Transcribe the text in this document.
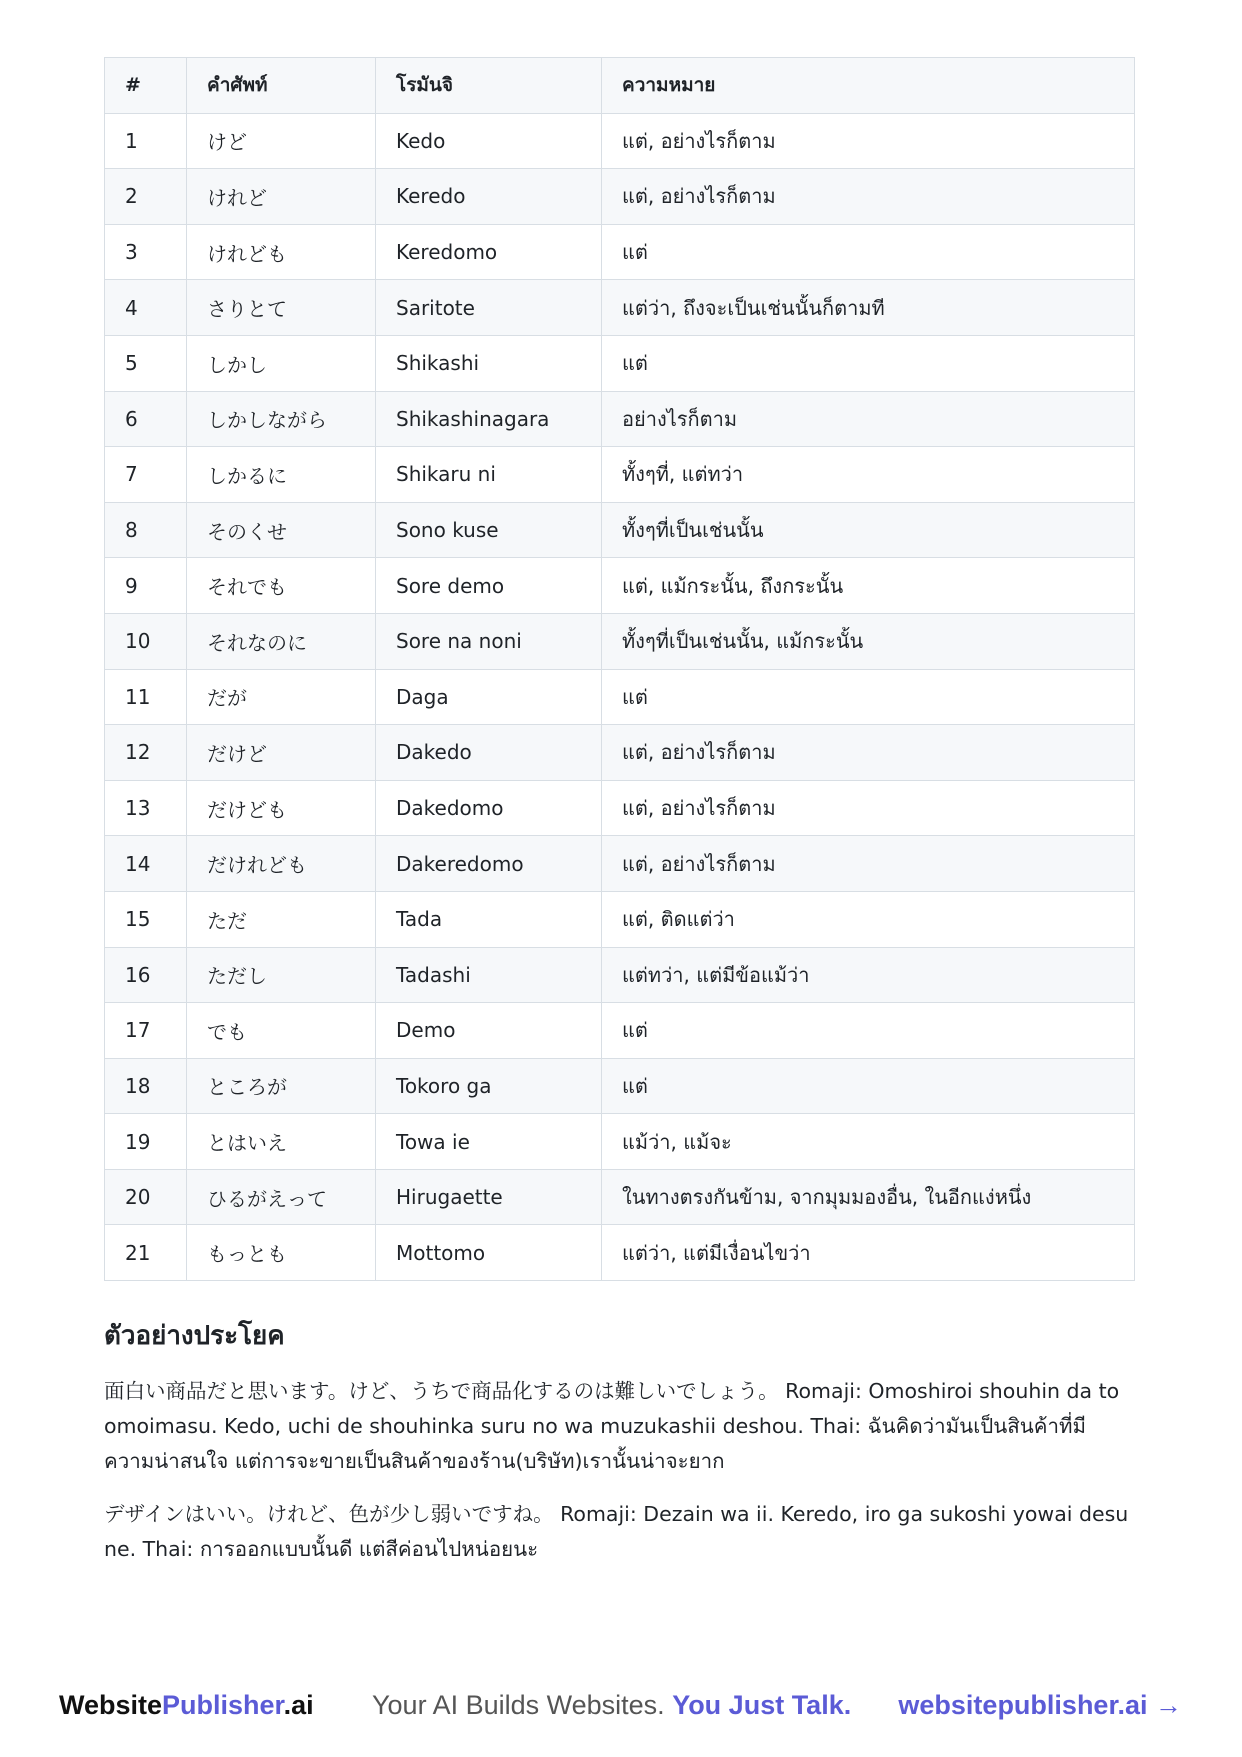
#	คำศัพท์	โรมันจิ	ความหมาย
1	けど	Kedo	แต่, อย่างไรก็ตาม
2	けれど	Keredo	แต่, อย่างไรก็ตาม
3	けれども	Keredomo	แต่
4	さりとて	Saritote	แต่ว่า, ถึงจะเป็นเช่นนั้นก็ตามที
5	しかし	Shikashi	แต่
6	しかしながら	Shikashinagara	อย่างไรก็ตาม
7	しかるに	Shikaru ni	ทั้งๆที่, แต่ทว่า
8	そのくせ	Sono kuse	ทั้งๆที่เป็นเช่นนั้น
9	それでも	Sore demo	แต่, แม้กระนั้น, ถึงกระนั้น
10	それなのに	Sore na noni	ทั้งๆที่เป็นเช่นนั้น, แม้กระนั้น
11	だが	Daga	แต่
12	だけど	Dakedo	แต่, อย่างไรก็ตาม
13	だけども	Dakedomo	แต่, อย่างไรก็ตาม
14	だけれども	Dakeredomo	แต่, อย่างไรก็ตาม
15	ただ	Tada	แต่, ติดแต่ว่า
16	ただし	Tadashi	แต่ทว่า, แต่มีข้อแม้ว่า
17	でも	Demo	แต่
18	ところが	Tokoro ga	แต่
19	とはいえ	Towa ie	แม้ว่า, แม้จะ
20	ひるがえって	Hirugaette	ในทางตรงกันข้าม, จากมุมมองอื่น, ในอีกแง่หนึ่ง
21	もっとも	Mottomo	แต่ว่า, แต่มีเงื่อนไขว่า
ตัวอย่างประโยค

面白い商品だと思います。けど、うちで商品化するのは難しいでしょう。 Romaji: Omoshiroi shouhin da to omoimasu. Kedo, uchi de shouhinka suru no wa muzukashii deshou. Thai: ฉันคิดว่ามันเป็นสินค้าที่มีความน่าสนใจ แต่การจะขายเป็นสินค้าของร้าน(บริษัท)เรานั้นน่าจะยาก

デザインはいい。けれど、色が少し弱いですね。 Romaji: Dezain wa ii. Keredo, iro ga sukoshi yowai desu ne. Thai: การออกแบบนั้นดี แต่สีค่อนไปหน่อยนะ

WebsitePublisher.ai Your AI Builds Websites. You Just Talk. websitepublisher.ai →
